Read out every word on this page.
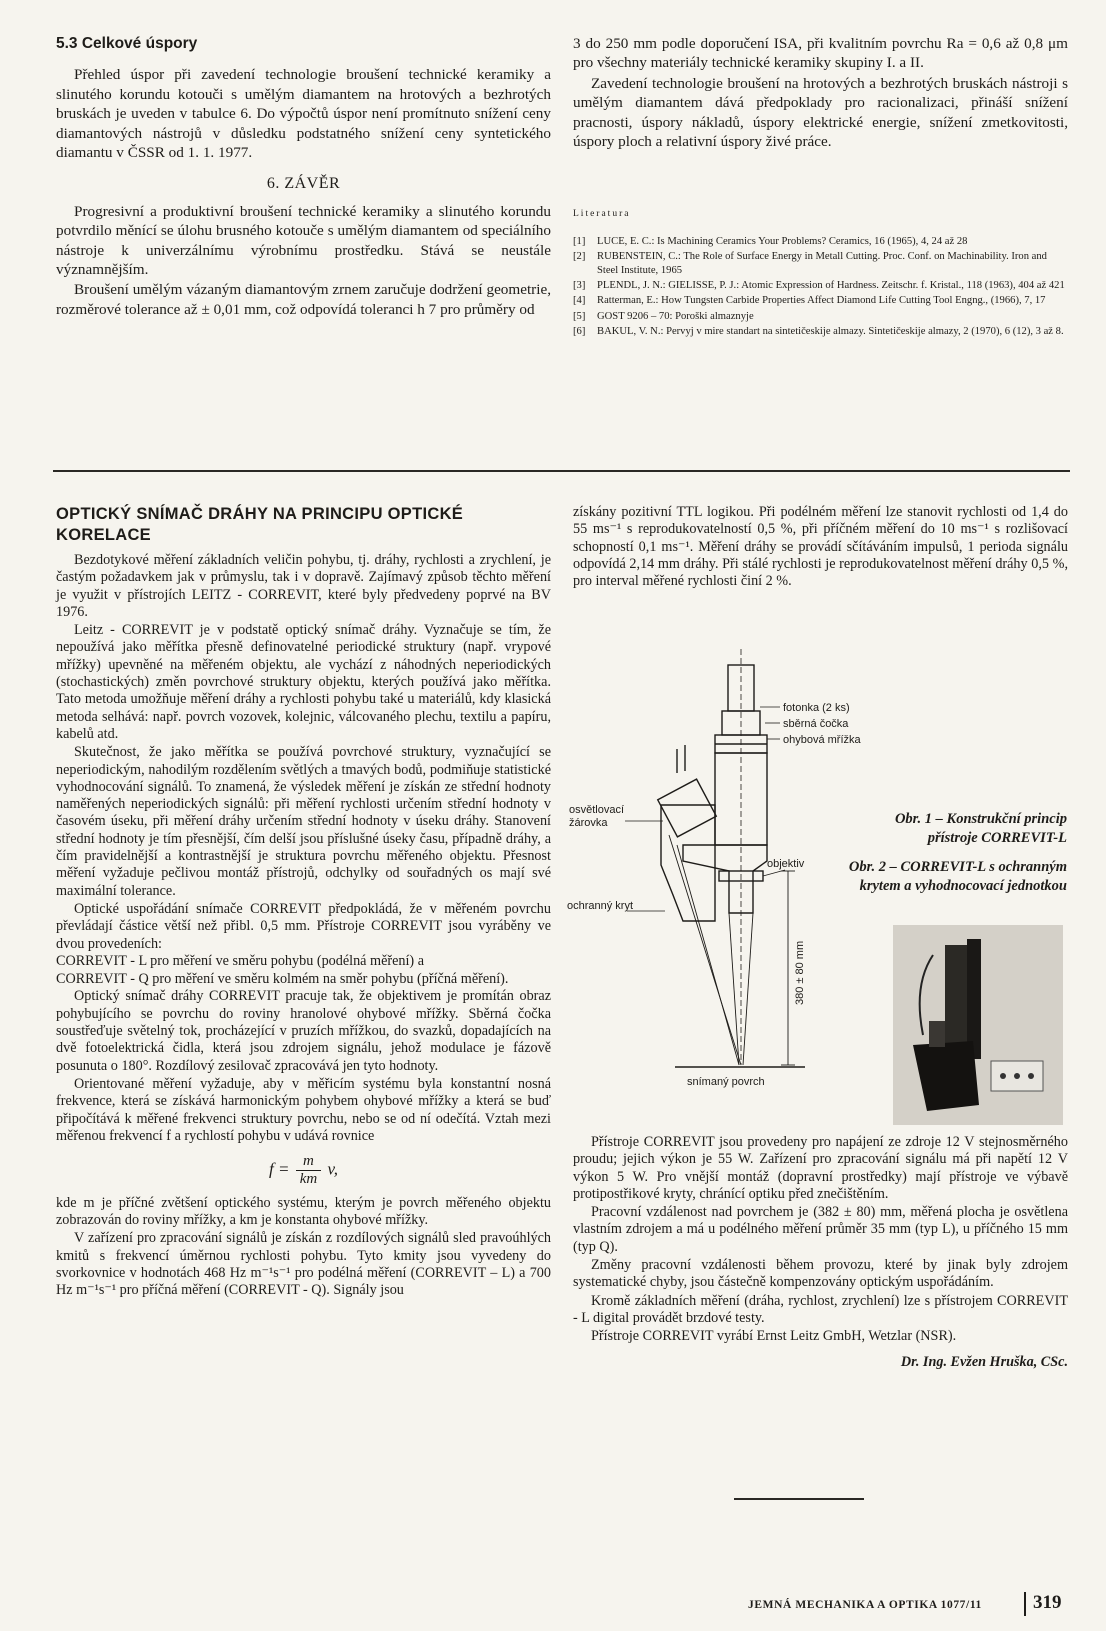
5.3 Celkové úspory

Přehled úspor při zavedení technologie broušení technické keramiky a slinutého korundu kotouči s umělým diamantem na hrotových a bezhrotých bruskách je uveden v tabulce 6. Do výpočtů úspor není promítnuto snížení ceny diamantových nástrojů v důsledku podstatného snížení ceny syntetického diamantu v ČSSR od 1. 1. 1977.

6. ZÁVĚR

Progresivní a produktivní broušení technické keramiky a slinutého korundu potvrdilo měnící se úlohu brusného kotouče s umělým diamantem od speciálního nástroje k univerzálnímu výrobnímu prostředku. Stává se neustále významnějším.

Broušení umělým vázaným diamantovým zrnem zaručuje dodržení geometrie, rozměrové tolerance až ± 0,01 mm, což odpovídá toleranci h 7 pro průměry od

3 do 250 mm podle doporučení ISA, při kvalitním povrchu Ra = 0,6 až 0,8 μm pro všechny materiály technické keramiky skupiny I. a II.

Zavedení technologie broušení na hrotových a bezhrotých bruskách nástroji s umělým diamantem dává předpoklady pro racionalizaci, přináší snížení pracnosti, úspory nákladů, úspory elektrické energie, snížení zmetkovitosti, úspory ploch a relativní úspory živé práce.

Literatura
[1]	LUCE, E. C.: Is Machining Ceramics Your Problems? Ceramics, 16 (1965), 4, 24 až 28
[2]	RUBENSTEIN, C.: The Role of Surface Energy in Metall Cutting. Proc. Conf. on Machinability. Iron and Steel Institute, 1965
[3]	PLENDL, J. N.: GIELISSE, P. J.: Atomic Expression of Hardness. Zeitschr. f. Kristal., 118 (1963), 404 až 421
[4]	Ratterman, E.: How Tungsten Carbide Properties Affect Diamond Life Cutting Tool Engng., (1966), 7, 17
[5]	GOST 9206 – 70: Poroški almaznyje
[6]	BAKUL, V. N.: Pervyj v mire standart na sintetičeskije almazy. Sintetičeskije almazy, 2 (1970), 6 (12), 3 až 8.
OPTICKÝ SNÍMAČ DRÁHY NA PRINCIPU OPTICKÉ KORELACE

Bezdotykové měření základních veličin pohybu, tj. dráhy, rychlosti a zrychlení, je častým požadavkem jak v průmyslu, tak i v dopravě. Zajímavý způsob těchto měření je využit v přístrojích LEITZ - CORREVIT, které byly předvedeny poprvé na BV 1976.

Leitz - CORREVIT je v podstatě optický snímač dráhy. Vyznačuje se tím, že nepoužívá jako měřítka přesně definovatelné periodické struktury (např. vrypové mřížky) upevněné na měřeném objektu, ale vychází z náhodných neperiodických (stochastických) změn povrchové struktury objektu, kterých používá jako měřítka. Tato metoda umožňuje měření dráhy a rychlosti pohybu také u materiálů, kdy klasická metoda selhává: např. povrch vozovek, kolejnic, válcovaného plechu, textilu a papíru, kabelů atd.

Skutečnost, že jako měřítka se používá povrchové struktury, vyznačující se neperiodickým, nahodilým rozdělením světlých a tmavých bodů, podmiňuje statistické vyhodnocování signálů. To znamená, že výsledek měření je získán ze střední hodnoty naměřených neperiodických signálů: při měření rychlosti určením střední hodnoty v časovém úseku, při měření dráhy určením střední hodnoty v úseku dráhy. Stanovení střední hodnoty je tím přesnější, čím delší jsou příslušné úseky času, případně dráhy, a čím pravidelnější a kontrastnější je struktura povrchu měřeného objektu. Přesnost měření vyžaduje pečlivou montáž přístrojů, odchylky od souřadných os mají své maximální tolerance.

Optické uspořádání snímače CORREVIT předpokládá, že v měřeném povrchu převládají částice větší než přibl. 0,5 mm. Přístroje CORREVIT jsou vyráběny ve dvou provedeních:

CORREVIT - L pro měření ve směru pohybu (podélná měření) a

CORREVIT - Q pro měření ve směru kolmém na směr pohybu (příčná měření).

Optický snímač dráhy CORREVIT pracuje tak, že objektivem je promítán obraz pohybujícího se povrchu do roviny hranolové ohybové mřížky. Sběrná čočka soustřeďuje světelný tok, procházející v pruzích mřížkou, do svazků, dopadajících na dvě fotoelektrická čidla, která jsou zdrojem signálu, jehož modulace je fázově posunuta o 180°. Rozdílový zesilovač zpracovává jen tyto hodnoty.

Orientované měření vyžaduje, aby v měřicím systému byla konstantní nosná frekvence, která se získává harmonickým pohybem ohybové mřížky a která se buď připočítává k měřené frekvenci struktury povrchu, nebo se od ní odečítá. Vztah mezi měřenou frekvencí f a rychlostí pohybu v udává rovnice

$f = \frac{m}{km} v$,

kde m je příčné zvětšení optického systému, kterým je povrch měřeného objektu zobrazován do roviny mřížky, a km je konstanta ohybové mřížky.

V zařízení pro zpracování signálů je získán z rozdílových signálů sled pravoúhlých kmitů s frekvencí úměrnou rychlosti pohybu. Tyto kmity jsou vyvedeny do svorkovnice v hodnotách 468 Hz m⁻¹s⁻¹ pro podélná měření (CORREVIT – L) a 700 Hz m⁻¹s⁻¹ pro příčná měření (CORREVIT - Q). Signály jsou

získány pozitivní TTL logikou. Při podélném měření lze stanovit rychlosti od 1,4 do 55 ms⁻¹ s reprodukovatelností 0,5 %, při příčném měření do 10 ms⁻¹ s rozlišovací schopností 0,1 ms⁻¹. Měření dráhy se provádí sčítáváním impulsů, 1 perioda signálu odpovídá 2,14 mm dráhy. Při stálé rychlosti je reprodukovatelnost měření dráhy 0,5 %, pro interval měřené rychlosti činí 2 %.

fotonka (2 ks)
sběrná čočka
ohybová mřížka
osvětlovací
žárovka
objektiv
ochranný kryt
380 ± 80 mm
snímaný povrch
Obr. 1 – Konstrukční princip přístroje CORREVIT-L
Obr. 2 – CORREVIT-L s ochranným krytem a vyhodnocovací jednotkou

Přístroje CORREVIT jsou provedeny pro napájení ze zdroje 12 V stejnosměrného proudu; jejich výkon je 55 W. Zařízení pro zpracování signálu má při napětí 12 V výkon 5 W. Pro vnější montáž (dopravní prostředky) mají přístroje ve výbavě protipostřikové kryty, chránící optiku před znečištěním.

Pracovní vzdálenost nad povrchem je (382 ± 80) mm, měřená plocha je osvětlena vlastním zdrojem a má u podélného měření průměr 35 mm (typ L), u příčného 15 mm (typ Q).

Změny pracovní vzdálenosti během provozu, které by jinak byly zdrojem systematické chyby, jsou částečně kompenzovány optickým uspořádáním.

Kromě základních měření (dráha, rychlost, zrychlení) lze s přístrojem CORREVIT - L digital provádět brzdové testy.

Přístroje CORREVIT vyrábí Ernst Leitz GmbH, Wetzlar (NSR).

Dr. Ing. Evžen Hruška, CSc.
JEMNÁ MECHANIKA A OPTIKA 1077/11	319
